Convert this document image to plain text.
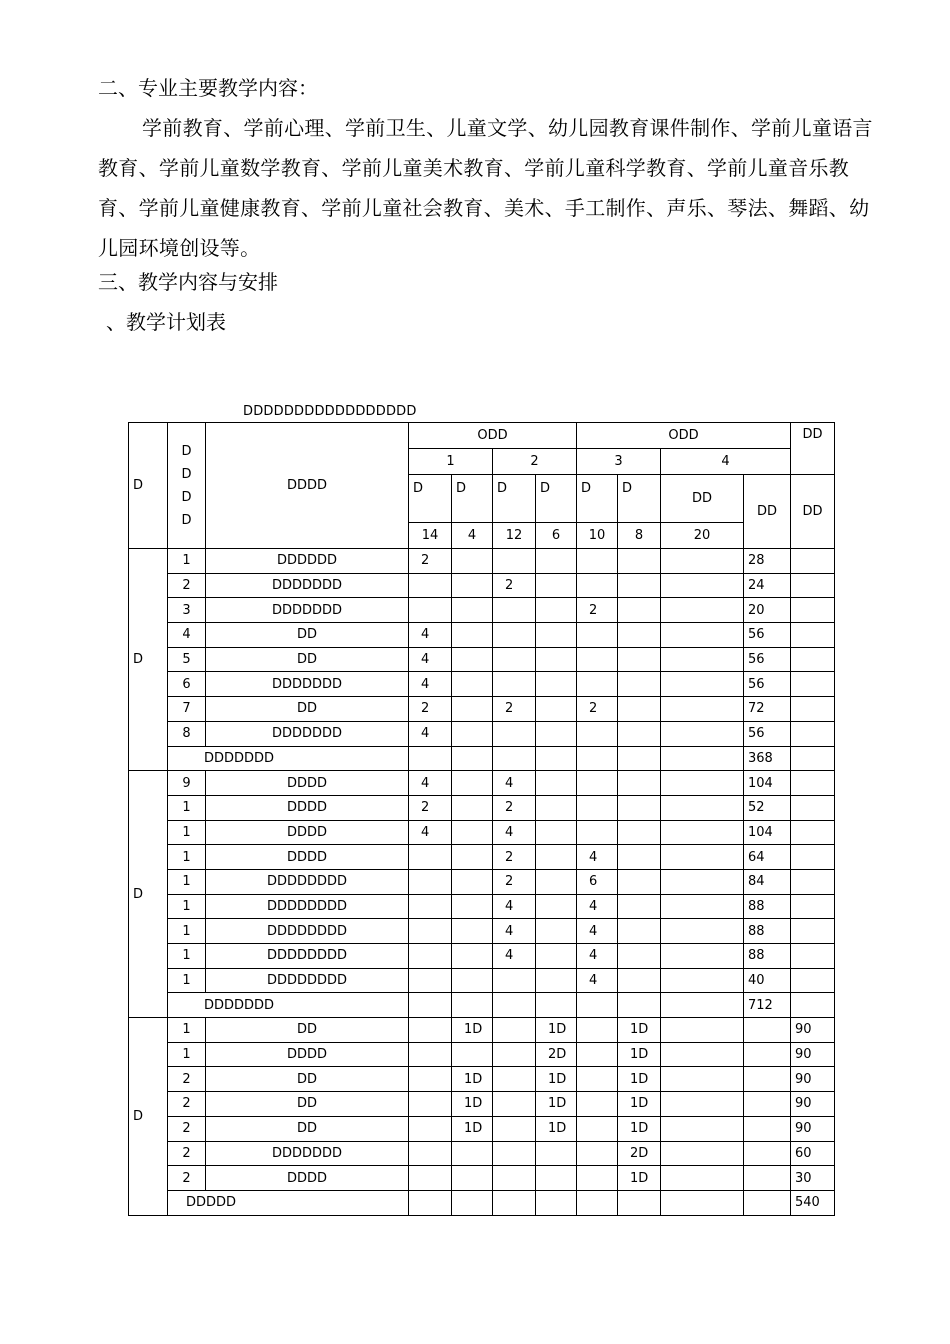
二、专业主要教学内容：

学前教育、学前心理、学前卫生、儿童文学、幼儿园教育课件制作、学前儿童语言教育、学前儿童数学教育、学前儿童美术教育、学前儿童科学教育、学前儿童音乐教育、学前儿童健康教育、学前儿童社会教育、美术、手工制作、声乐、琴法、舞蹈、幼儿园环境创设等。

三、教学内容与安排

、教学计划表

DDDDDDDDDDDDDDDDD
D	D D D D	DDDD	ODD				ODD				DD
			1		2		3		4		
			D	D	D	D	D	D	DD	DD	DD
			14	4	12	6	10	8	20		
D	1	DDDDDD	2							28	
	2	DDDDDDD			2					24	
	3	DDDDDDD					2			20	
	4	DD	4							56	
	5	DD	4							56	
	6	DDDDDDD	4							56	
	7	DD	2		2		2			72	
	8	DDDDDDD	4							56	
	DDDDDDD									368	
D	9	DDDD	4		4					104	
	1	DDDD	2		2					52	
	1	DDDD	4		4					104	
	1	DDDD			2		4			64	
	1	DDDDDDDD			2		6			84	
	1	DDDDDDDD			4		4			88	
	1	DDDDDDDD			4		4			88	
	1	DDDDDDDD			4		4			88	
	1	DDDDDDDD					4			40	
	DDDDDDD									712	
D	1	DD		1D		1D		1D			90
	1	DDDD				2D		1D			90
	2	DD		1D		1D		1D			90
	2	DD		1D		1D		1D			90
	2	DD		1D		1D		1D			90
	2	DDDDDDD						2D			60
	2	DDDD						1D			30
	DDDDD										540
